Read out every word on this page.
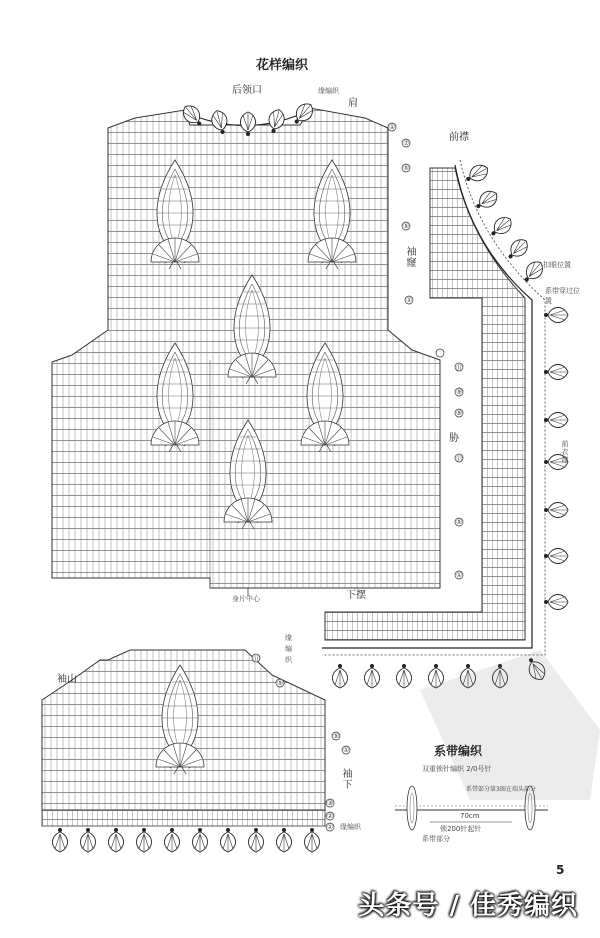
花样编织
后领口
肩
袖窿
胁
身片中心	下摆
缘编织
①
⑦
⑤
⑤
①
⑪
⑨
⑨
⑬
⑤
①
前襟
扣眼位置
系带穿过位置
前衣襟
缘
编
织
袖山
袖下
缘编织
⑪
⑤
⑤
①
③
②
①
系带编织
双重锁针编织 2/0号针
系带部分第3圈在端头部分
70cm
锁200针起针
系带部分
5
头条号 / 佳秀编织
